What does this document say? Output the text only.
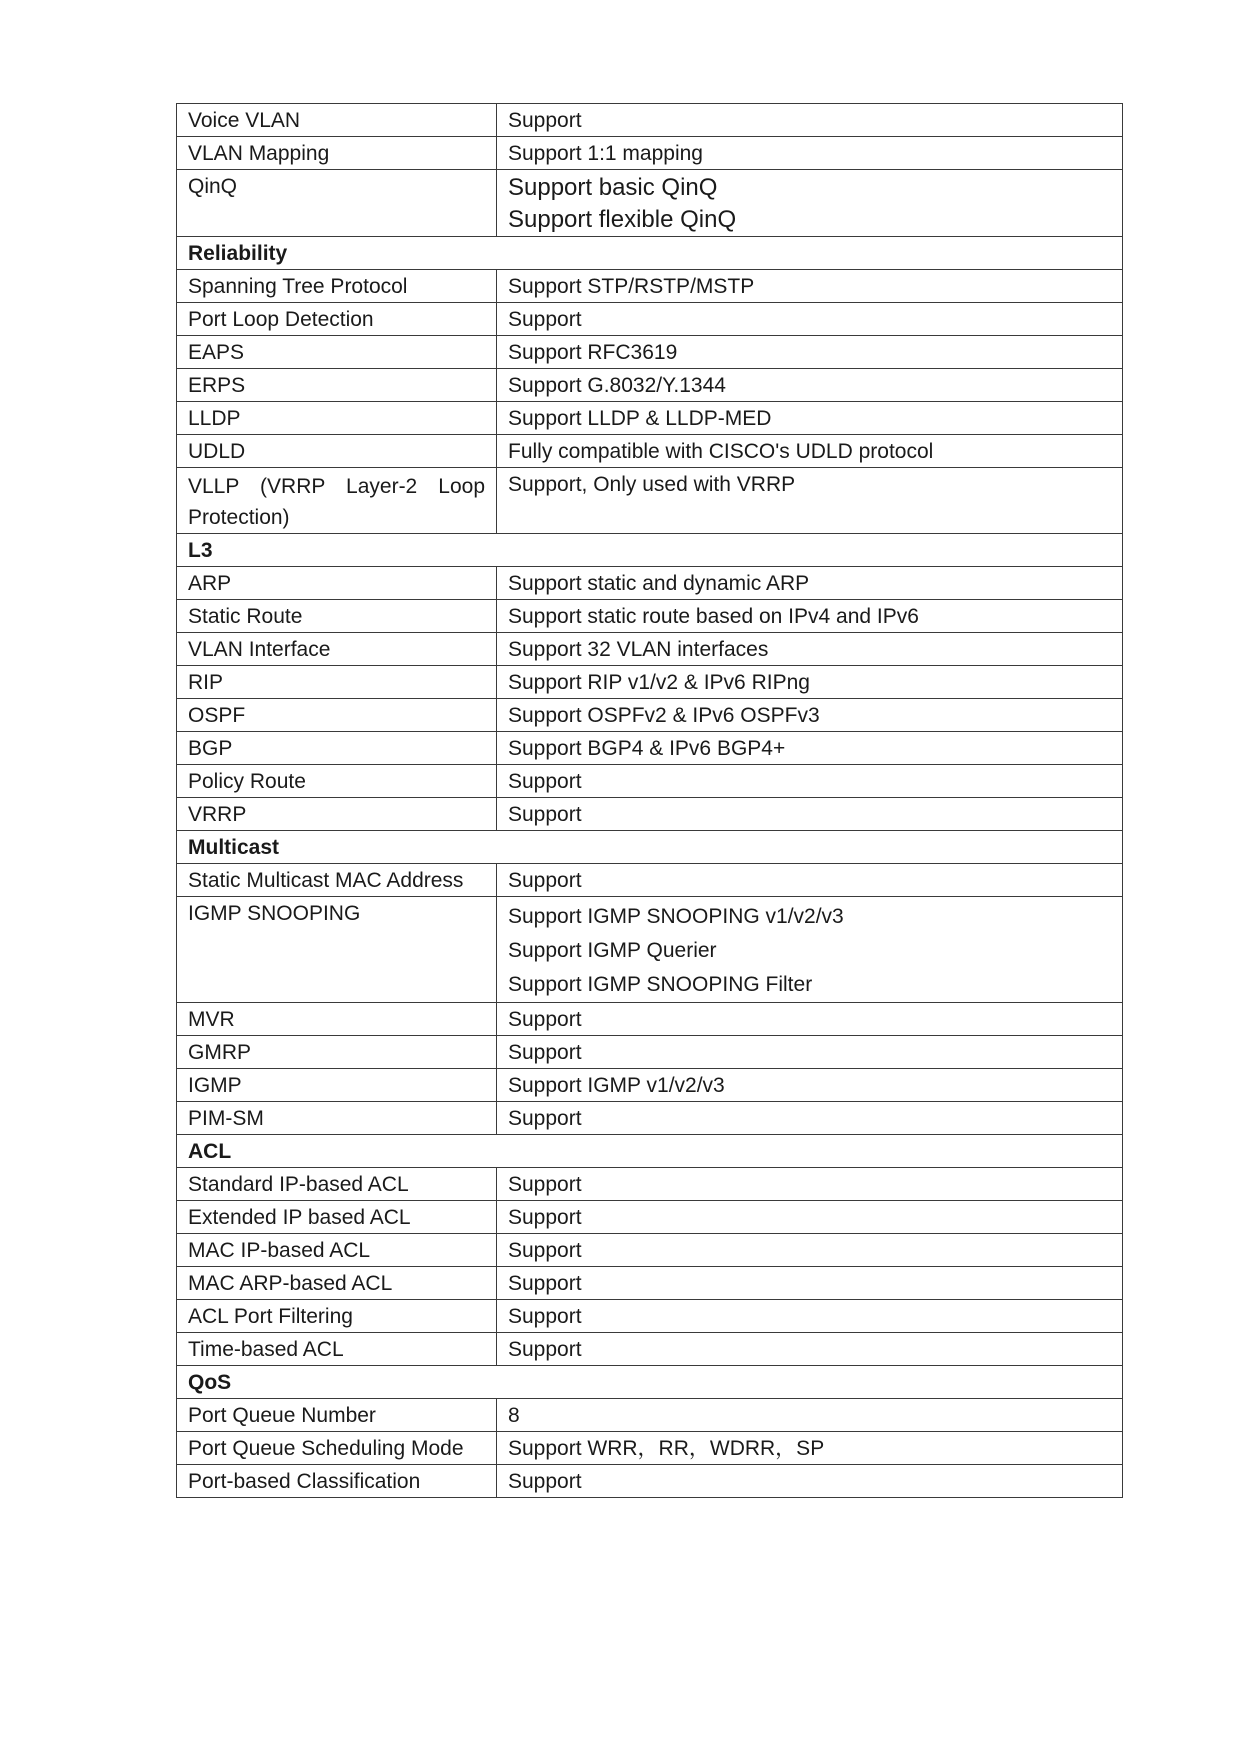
Voice VLAN	Support

VLAN Mapping	Support 1:1 mapping

QinQ	Support basic QinQ
Support flexible QinQ

Reliability	
Spanning Tree Protocol	Support STP/RSTP/MSTP

Port Loop Detection	Support

EAPS	Support RFC3619

ERPS	Support G.8032/Y.1344

LLDP	Support LLDP & LLDP-MED

UDLD	Fully compatible with CISCO's UDLD protocol

VLLP (VRRP Layer-2 Loop Protection)	Support, Only used with VRRP

L3	
ARP	Support static and dynamic ARP

Static Route	Support static route based on IPv4 and IPv6

VLAN Interface	Support 32 VLAN interfaces

RIP	Support RIP v1/v2 & IPv6 RIPng

OSPF	Support OSPFv2 & IPv6 OSPFv3

BGP	Support BGP4 & IPv6 BGP4+

Policy Route	Support

VRRP	Support

Multicast	
Static Multicast MAC Address	Support

IGMP SNOOPING	Support IGMP SNOOPING v1/v2/v3
Support IGMP Querier
Support IGMP SNOOPING Filter

MVR	Support

GMRP	Support

IGMP	Support IGMP v1/v2/v3

PIM-SM	Support

ACL	
Standard IP-based ACL	Support

Extended IP based ACL	Support

MAC IP-based ACL	Support

MAC ARP-based ACL	Support

ACL Port Filtering	Support

Time-based ACL	Support

QoS	
Port Queue Number	8

Port Queue Scheduling Mode	Support WRR，RR，WDRR，SP

Port-based Classification	Support
